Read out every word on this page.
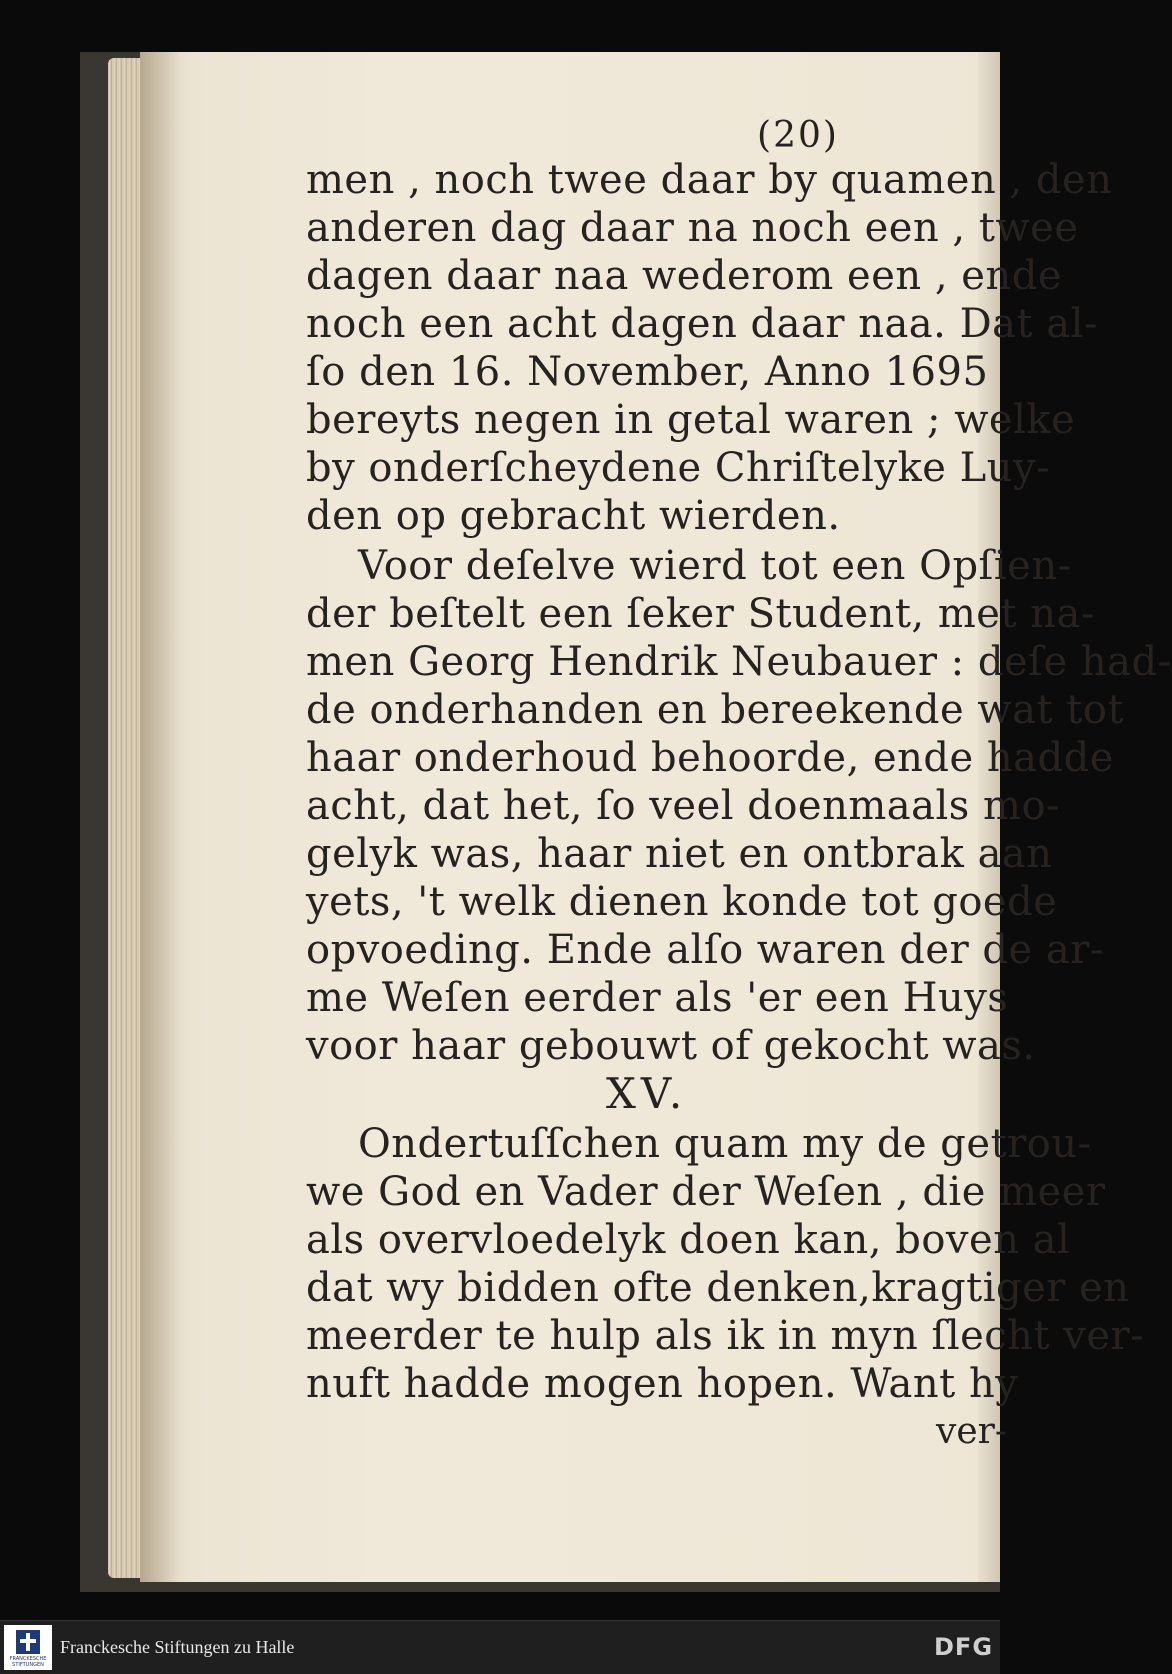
(20)
men , noch twee daar by quamen , den
anderen dag daar na noch een , twee
dagen daar naa wederom een , ende
noch een acht dagen daar naa. Dat al-
ſo den 16. November, Anno 1695
bereyts negen in getal waren ; welke
by onderſcheydene Chriſtelyke Luy-
den op gebracht wierden.
Voor deſelve wierd tot een Opſien-
der beſtelt een ſeker Student, met na-
men Georg Hendrik Neubauer : deſe had-
de onderhanden en bereekende wat tot
haar onderhoud behoorde, ende hadde
acht, dat het, ſo veel doenmaals mo-
gelyk was, haar niet en ontbrak aan
yets, 't welk dienen konde tot goede
opvoeding. Ende alſo waren der de ar-
me Weſen eerder als 'er een Huys
voor haar gebouwt of gekocht was.
XV.
Ondertuſſchen quam my de getrou-
we God en Vader der Weſen , die meer
als overvloedelyk doen kan, boven al
dat wy bidden ofte denken,kragtiger en
meerder te hulp als ik in myn ſlecht ver-
nuft hadde mogen hopen. Want hy
ver-
FRANCKESCHE STIFTUNGEN
Franckesche Stiftungen zu Halle	DFG
